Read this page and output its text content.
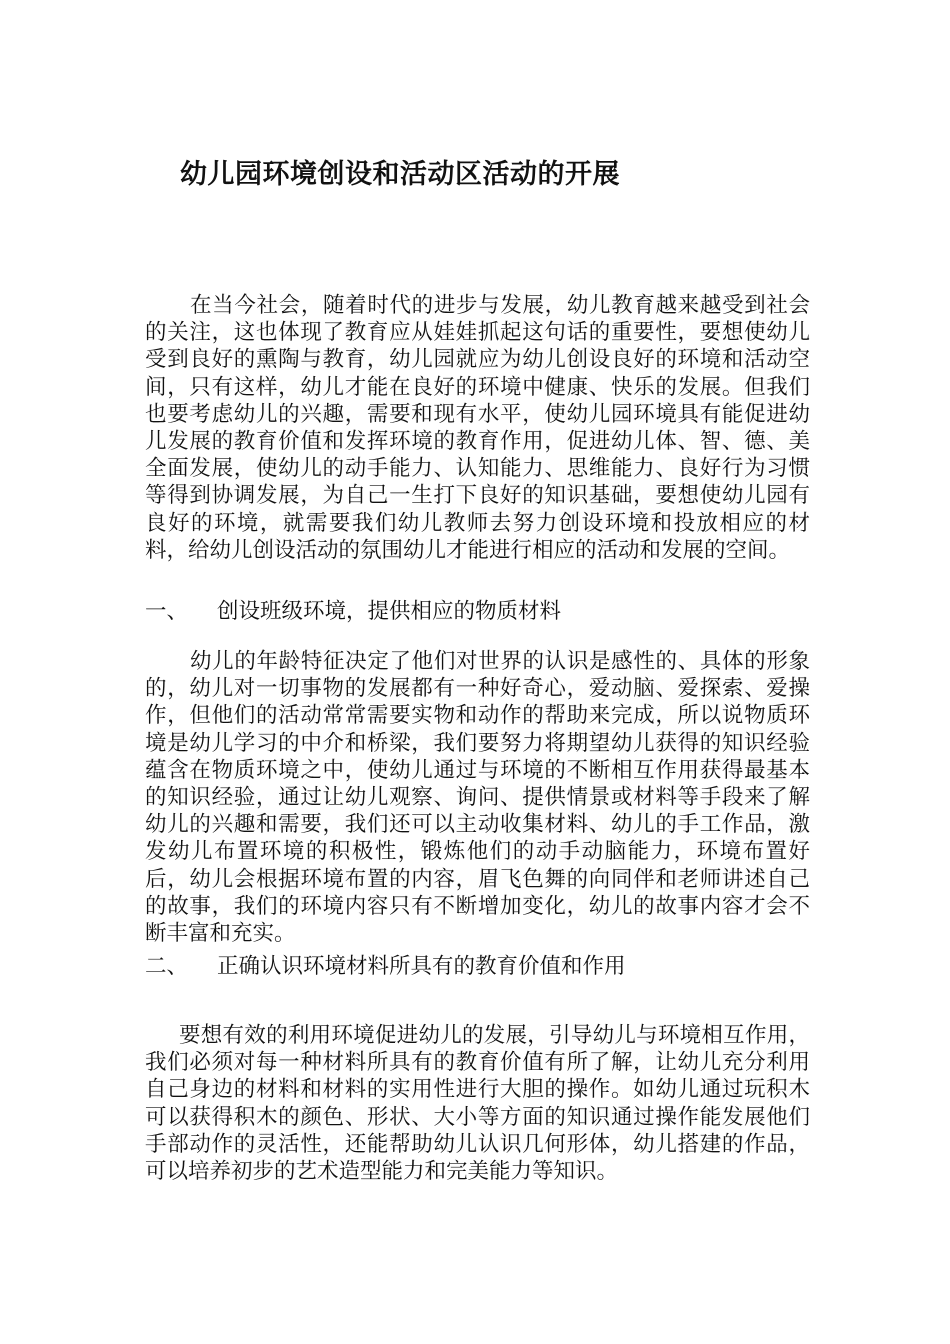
幼儿园环境创设和活动区活动的开展

在当今社会，随着时代的进步与发展，幼儿教育越来越受到社会的关注，这也体现了教育应从娃娃抓起这句话的重要性，要想使幼儿受到良好的熏陶与教育，幼儿园就应为幼儿创设良好的环境和活动空间，只有这样，幼儿才能在良好的环境中健康、快乐的发展。但我们也要考虑幼儿的兴趣，需要和现有水平，使幼儿园环境具有能促进幼儿发展的教育价值和发挥环境的教育作用，促进幼儿体、智、德、美全面发展，使幼儿的动手能力、认知能力、思维能力、良好行为习惯等得到协调发展，为自己一生打下良好的知识基础，要想使幼儿园有良好的环境，就需要我们幼儿教师去努力创设环境和投放相应的材料，给幼儿创设活动的氛围幼儿才能进行相应的活动和发展的空间。

一、 创设班级环境，提供相应的物质材料

幼儿的年龄特征决定了他们对世界的认识是感性的、具体的形象的，幼儿对一切事物的发展都有一种好奇心，爱动脑、爱探索、爱操作，但他们的活动常常需要实物和动作的帮助来完成，所以说物质环境是幼儿学习的中介和桥梁，我们要努力将期望幼儿获得的知识经验蕴含在物质环境之中，使幼儿通过与环境的不断相互作用获得最基本的知识经验，通过让幼儿观察、询问、提供情景或材料等手段来了解幼儿的兴趣和需要，我们还可以主动收集材料、幼儿的手工作品，激发幼儿布置环境的积极性，锻炼他们的动手动脑能力，环境布置好后，幼儿会根据环境布置的内容，眉飞色舞的向同伴和老师讲述自己的故事，我们的环境内容只有不断增加变化，幼儿的故事内容才会不断丰富和充实。

二、 正确认识环境材料所具有的教育价值和作用

要想有效的利用环境促进幼儿的发展，引导幼儿与环境相互作用，我们必须对每一种材料所具有的教育价值有所了解，让幼儿充分利用自己身边的材料和材料的实用性进行大胆的操作。如幼儿通过玩积木可以获得积木的颜色、形状、大小等方面的知识通过操作能发展他们手部动作的灵活性，还能帮助幼儿认识几何形体，幼儿搭建的作品，可以培养初步的艺术造型能力和完美能力等知识。
